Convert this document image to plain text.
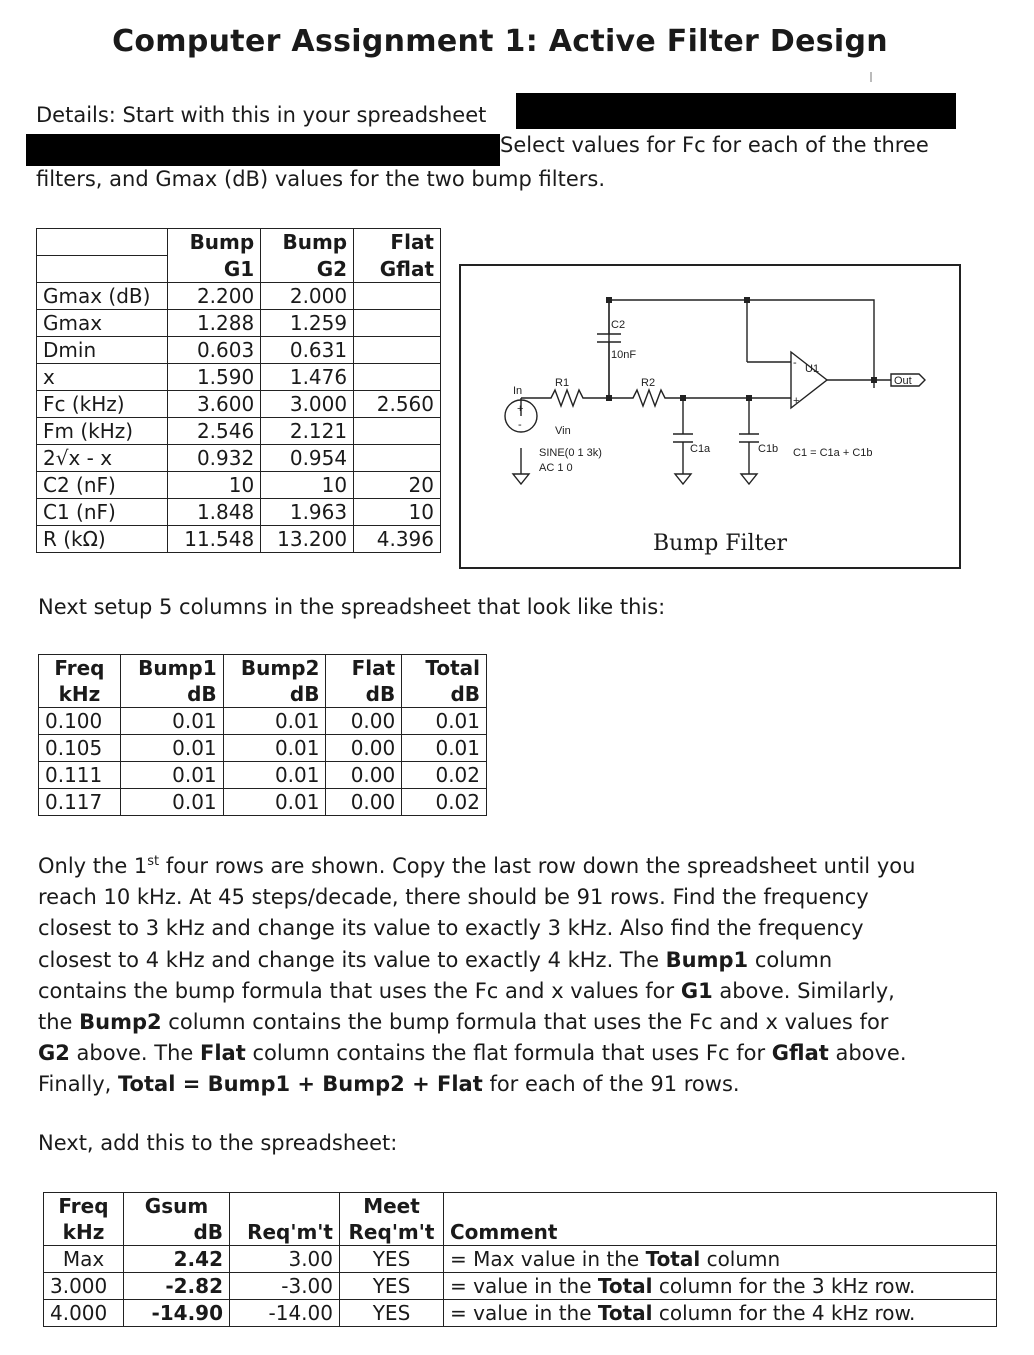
Computer Assignment 1: Active Filter Design
Details: Start with this in your spreadsheet
Select values for Fc for each of the three
filters, and Gmax (dB) values for the two bump filters.
	Bump	Bump	Flat
	G1	G2	Gflat
Gmax (dB)	2.200	2.000	
Gmax	1.288	1.259	
Dmin	0.603	0.631	
x	1.590	1.476	
Fc (kHz)	3.600	3.000	2.560
Fm (kHz)	2.546	2.121	
2√x - x	0.932	0.954	
C2 (nF)	10	10	20
C1 (nF)	1.848	1.963	10
R (kΩ)	11.548	13.200	4.396
C2
10nF
R1	R2
U1
In
Out
Vin
SINE(0 1 3k)
AC 1 0
C1a	C1b C1 = C1a + C1b
-
+
+
-
Bump Filter
Next setup 5 columns in the spreadsheet that look like this:
Freq	Bump1	Bump2	Flat	Total
kHz	dB	dB	dB	dB
0.100	0.01	0.01	0.00	0.01
0.105	0.01	0.01	0.00	0.01
0.111	0.01	0.01	0.00	0.02
0.117	0.01	0.01	0.00	0.02
Only the 1st four rows are shown. Copy the last row down the spreadsheet until you
reach 10 kHz. At 45 steps/decade, there should be 91 rows. Find the frequency
closest to 3 kHz and change its value to exactly 3 kHz. Also find the frequency
closest to 4 kHz and change its value to exactly 4 kHz. The Bump1 column
contains the bump formula that uses the Fc and x values for G1 above. Similarly,
the Bump2 column contains the bump formula that uses the Fc and x values for
G2 above. The Flat column contains the flat formula that uses Fc for Gflat above.
Finally, Total = Bump1 + Bump2 + Flat for each of the 91 rows.
Next, add this to the spreadsheet:
Freq	Gsum		Meet	
kHz	dB	Req'm't	Req'm't	Comment
Max	2.42	3.00	YES	= Max value in the Total column
3.000	-2.82	-3.00	YES	= value in the Total column for the 3 kHz row.
4.000	-14.90	-14.00	YES	= value in the Total column for the 4 kHz row.
